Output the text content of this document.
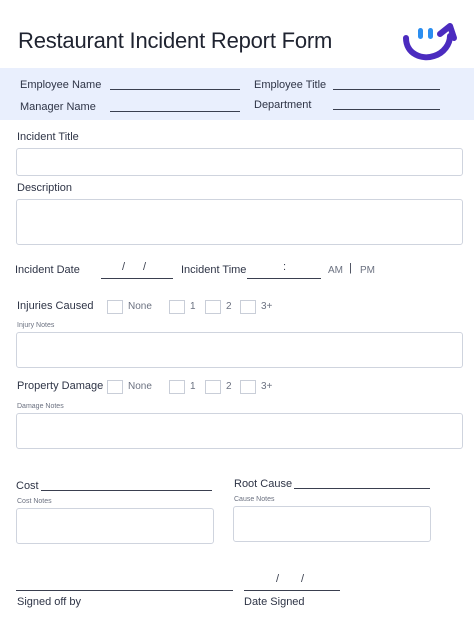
Restaurant Incident Report Form
Employee Name	Employee Title
Manager Name	Department
Incident Title
Description
Incident Date	/ /	Incident Time	:	AM | PM
Injuries Caused	None	1	2	3+
Injury Notes
Property Damage None	1	2	3+
Damage Notes
Cost
Cost Notes
Root Cause
Cause Notes
Signed off by
/ /
Date Signed
